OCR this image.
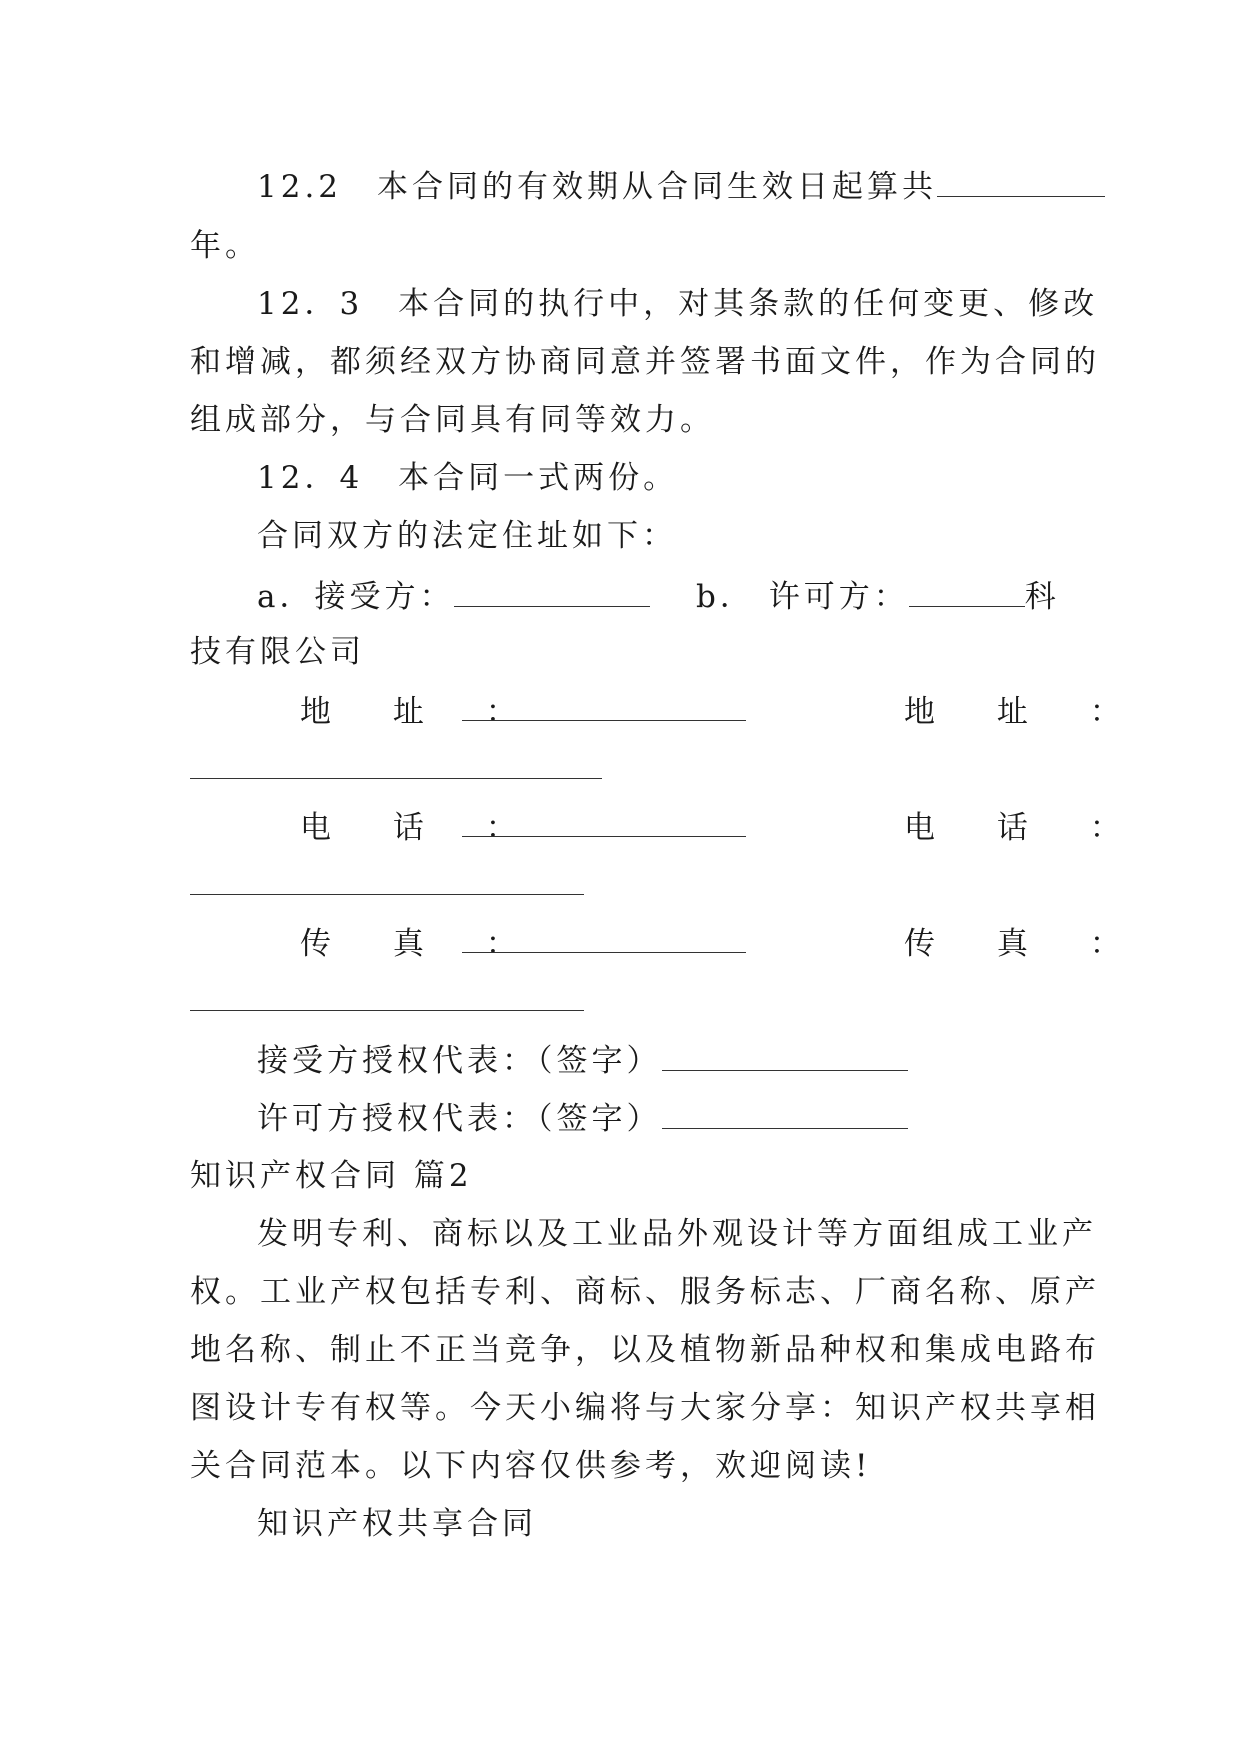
12.2　本合同的有效期从合同生效日起算共
年。
12．3　本合同的执行中，对其条款的任何变更、修改
和增减，都须经双方协商同意并签署书面文件，作为合同的
组成部分，与合同具有同等效力。
12．4　本合同一式两份。
合同双方的法定住址如下：
a．接受方：	b． 许可方：	科
技有限公司
地 址 ：	地 址 ：
电 话 ：	电 话 ：
传 真 ：	传 真 ：
接受方授权代表：（签字）
许可方授权代表：（签字）
知识产权合同 篇2
发明专利、商标以及工业品外观设计等方面组成工业产
权。工业产权包括专利、商标、服务标志、厂商名称、原产
地名称、制止不正当竞争，以及植物新品种权和集成电路布
图设计专有权等。今天小编将与大家分享：知识产权共享相
关合同范本。以下内容仅供参考，欢迎阅读!
知识产权共享合同
